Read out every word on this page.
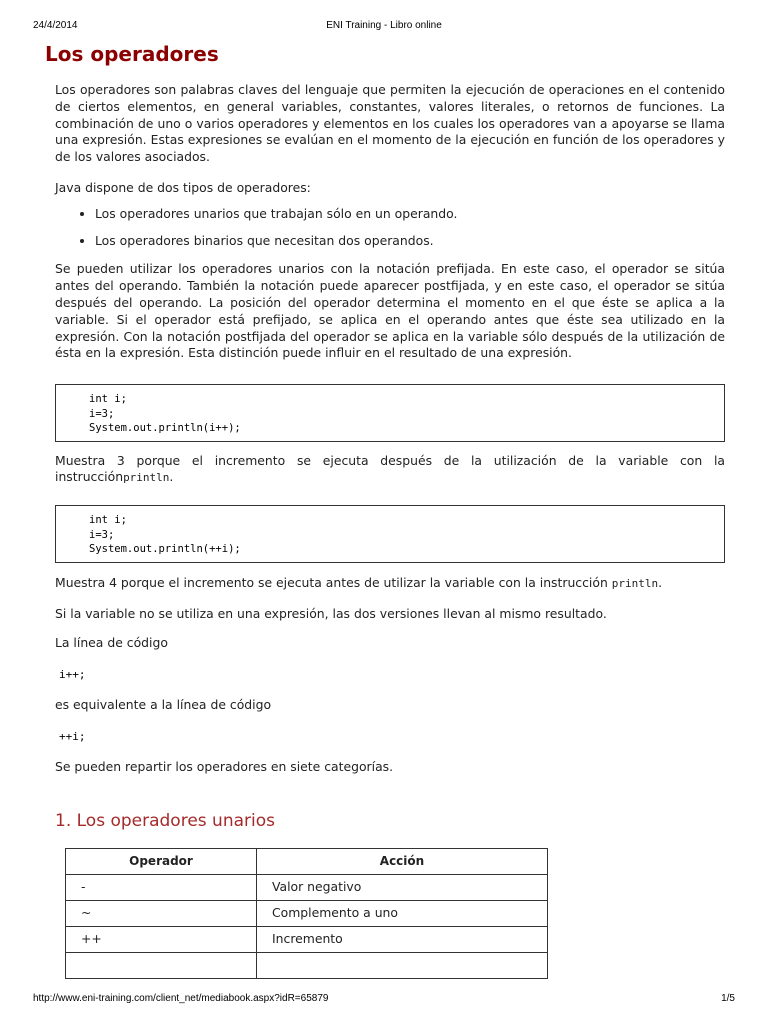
24/4/2014	ENI Training - Libro online
Los operadores

Los operadores son palabras claves del lenguaje que permiten la ejecución de operaciones en el contenido de ciertos elementos, en general variables, constantes, valores literales, o retornos de funciones. La combinación de uno o varios operadores y elementos en los cuales los operadores van a apoyarse se llama una expresión. Estas expresiones se evalúan en el momento de la ejecución en función de los operadores y de los valores asociados.

Java dispone de dos tipos de operadores:

• Los operadores unarios que trabajan sólo en un operando.
• Los operadores binarios que necesitan dos operandos.

Se pueden utilizar los operadores unarios con la notación prefijada. En este caso, el operador se sitúa antes del operando. También la notación puede aparecer postfijada, y en este caso, el operador se sitúa después del operando. La posición del operador determina el momento en el que éste se aplica a la variable. Si el operador está prefijado, se aplica en el operando antes que éste sea utilizado en la expresión. Con la notación postfijada del operador se aplica en la variable sólo después de la utilización de ésta en la expresión. Esta distinción puede influir en el resultado de una expresión.

int i;
i=3;
System.out.println(i++);

Muestra 3 porque el incremento se ejecuta después de la utilización de la variable con la instrucciónprintln.

int i;
i=3;
System.out.println(++i);

Muestra 4 porque el incremento se ejecuta antes de utilizar la variable con la instrucción println.

Si la variable no se utiliza en una expresión, las dos versiones llevan al mismo resultado.

La línea de código

i++;

es equivalente a la línea de código

++i;

Se pueden repartir los operadores en siete categorías.

1. Los operadores unarios
Operador	Acción
-	Valor negativo
~	Complemento a uno
++	Incremento

http://www.eni-training.com/client_net/mediabook.aspx?idR=65879	1/5
